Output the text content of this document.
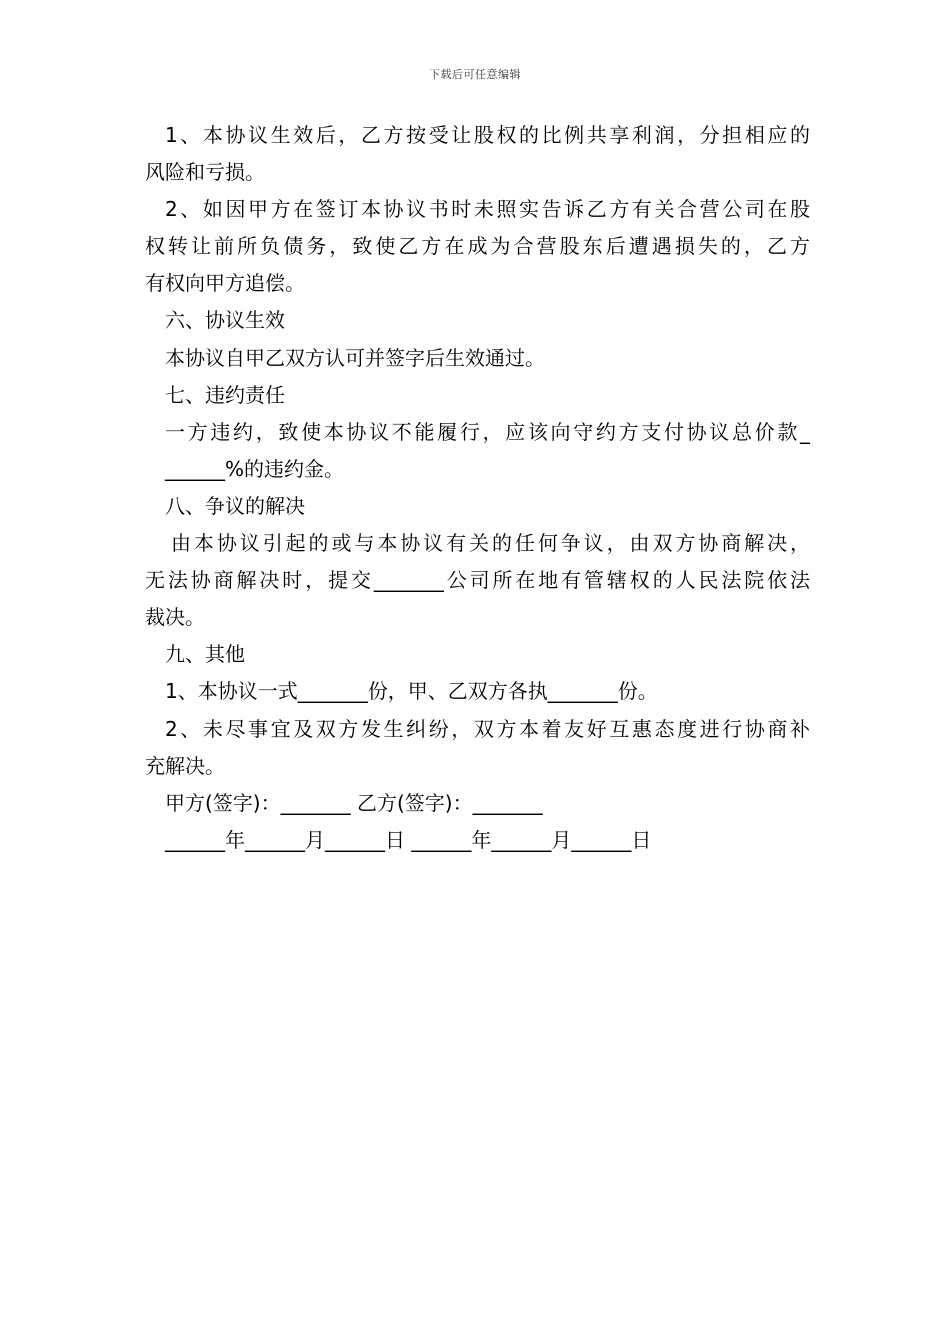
下载后可任意编辑
1、本协议生效后，乙方按受让股权的比例共享利润，分担相应的
风险和亏损。
2、如因甲方在签订本协议书时未照实告诉乙方有关合营公司在股
权转让前所负债务，致使乙方在成为合营股东后遭遇损失的，乙方
有权向甲方追偿。
六、协议生效
本协议自甲乙双方认可并签字后生效通过。
七、违约责任
一方违约，致使本协议不能履行，应该向守约方支付协议总价款_
______%的违约金。
八、争议的解决
由本协议引起的或与本协议有关的任何争议，由双方协商解决，
无法协商解决时，提交_______公司所在地有管辖权的人民法院依法
裁决。
九、其他
1、本协议一式_______份，甲、乙双方各执_______份。
2、未尽事宜及双方发生纠纷，双方本着友好互惠态度进行协商补
充解决。
甲方(签字)：_______ 乙方(签字)：_______
______年______月______日 ______年______月______日
